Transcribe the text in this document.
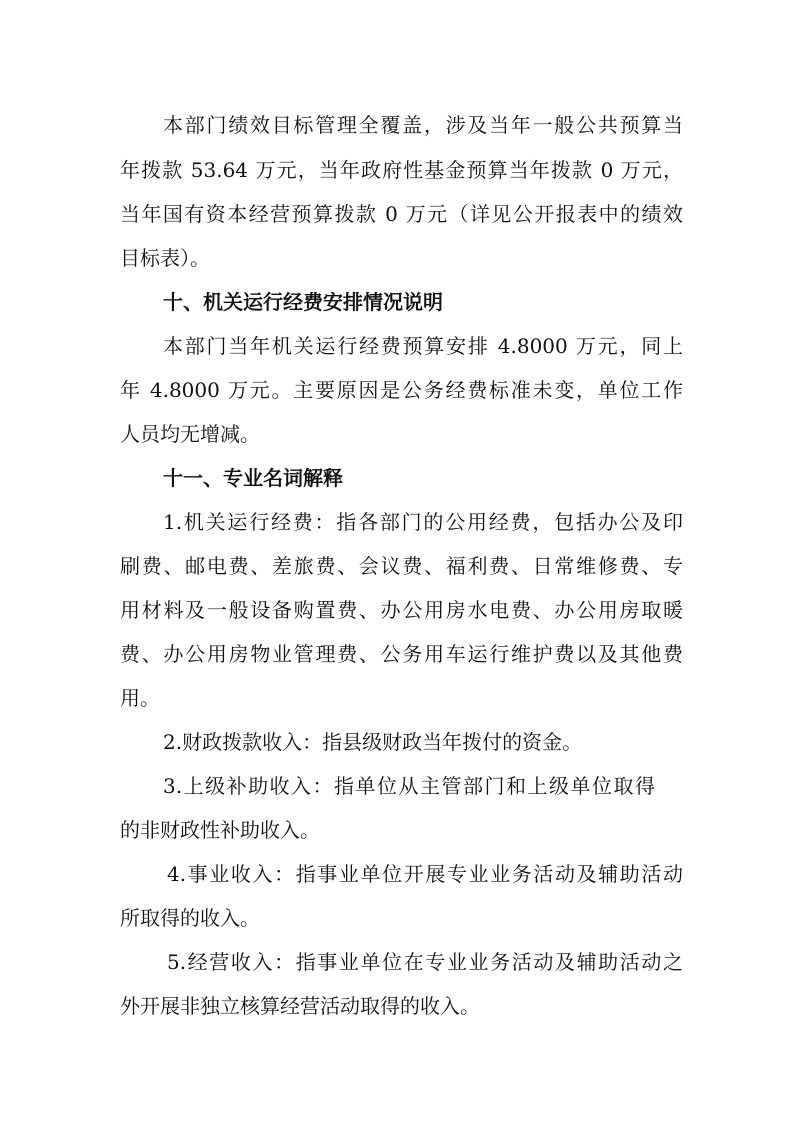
本部门绩效目标管理全覆盖，涉及当年一般公共预算当
年拨款 53.64 万元，当年政府性基金预算当年拨款 0 万元，
当年国有资本经营预算拨款 0 万元（详见公开报表中的绩效
目标表）。
十、机关运行经费安排情况说明
本部门当年机关运行经费预算安排 4.8000 万元，同上
年 4.8000 万元。主要原因是公务经费标准未变，单位工作
人员均无增减。
十一、专业名词解释
1.机关运行经费：指各部门的公用经费，包括办公及印
刷费、邮电费、差旅费、会议费、福利费、日常维修费、专
用材料及一般设备购置费、办公用房水电费、办公用房取暖
费、办公用房物业管理费、公务用车运行维护费以及其他费
用。
2.财政拨款收入：指县级财政当年拨付的资金。
3.上级补助收入：指单位从主管部门和上级单位取得
的非财政性补助收入。
4.事业收入：指事业单位开展专业业务活动及辅助活动
所取得的收入。
5.经营收入：指事业单位在专业业务活动及辅助活动之
外开展非独立核算经营活动取得的收入。
